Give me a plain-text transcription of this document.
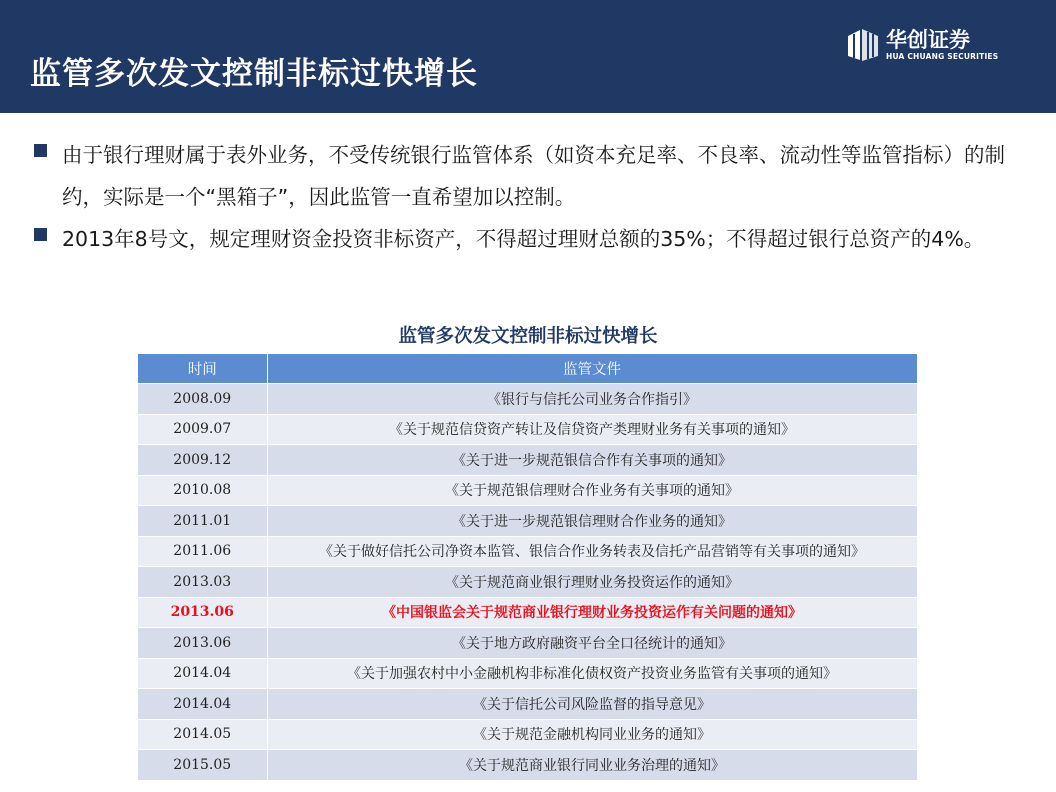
监管多次发文控制非标过快增长
华创证券
HUA CHUANG SECURITIES
由于银行理财属于表外业务，不受传统银行监管体系（如资本充足率、不良率、流动性等监管指标）的制约，实际是一个“黑箱子”，因此监管一直希望加以控制。
2013年8号文，规定理财资金投资非标资产，不得超过理财总额的35%；不得超过银行总资产的4%。
监管多次发文控制非标过快增长
时间	监管文件
2008.09	《银行与信托公司业务合作指引》
2009.07	《关于规范信贷资产转让及信贷资产类理财业务有关事项的通知》
2009.12	《关于进一步规范银信合作有关事项的通知》
2010.08	《关于规范银信理财合作业务有关事项的通知》
2011.01	《关于进一步规范银信理财合作业务的通知》
2011.06	《关于做好信托公司净资本监管、银信合作业务转表及信托产品营销等有关事项的通知》
2013.03	《关于规范商业银行理财业务投资运作的通知》
2013.06	《中国银监会关于规范商业银行理财业务投资运作有关问题的通知》
2013.06	《关于地方政府融资平台全口径统计的通知》
2014.04	《关于加强农村中小金融机构非标准化债权资产投资业务监管有关事项的通知》
2014.04	《关于信托公司风险监督的指导意见》
2014.05	《关于规范金融机构同业业务的通知》
2015.05	《关于规范商业银行同业业务治理的通知》
